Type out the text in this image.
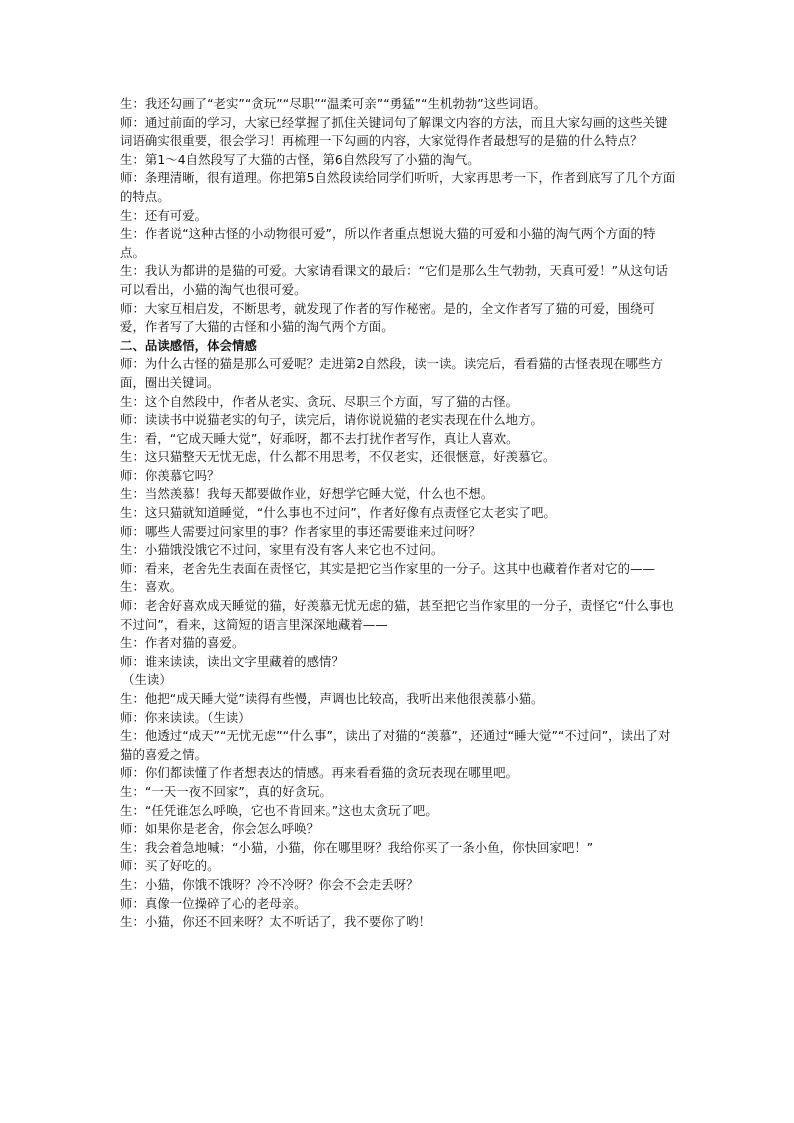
生：我还勾画了“老实”“贪玩”“尽职”“温柔可亲”“勇猛”“生机勃勃”这些词语。

师：通过前面的学习，大家已经掌握了抓住关键词句了解课文内容的方法，而且大家勾画的这些关键词语确实很重要，很会学习！再梳理一下勾画的内容，大家觉得作者最想写的是猫的什么特点？

生：第1～4自然段写了大猫的古怪，第6自然段写了小猫的淘气。

师：条理清晰，很有道理。你把第5自然段读给同学们听听，大家再思考一下，作者到底写了几个方面的特点。

生：还有可爱。

生：作者说“这种古怪的小动物很可爱”，所以作者重点想说大猫的可爱和小猫的淘气两个方面的特点。

生：我认为都讲的是猫的可爱。大家请看课文的最后：“它们是那么生气勃勃，天真可爱！”从这句话可以看出，小猫的淘气也很可爱。

师：大家互相启发，不断思考，就发现了作者的写作秘密。是的，全文作者写了猫的可爱，围绕可爱，作者写了大猫的古怪和小猫的淘气两个方面。

二、品读感悟，体会情感

师：为什么古怪的猫是那么可爱呢？走进第2自然段，读一读。读完后，看看猫的古怪表现在哪些方面，圈出关键词。

生：这个自然段中，作者从老实、贪玩、尽职三个方面，写了猫的古怪。

师：读读书中说猫老实的句子，读完后，请你说说猫的老实表现在什么地方。

生：看，“它成天睡大觉”，好乖呀，都不去打扰作者写作，真让人喜欢。

生：这只猫整天无忧无虑，什么都不用思考，不仅老实，还很惬意，好羡慕它。

师：你羡慕它吗？

生：当然羡慕！我每天都要做作业，好想学它睡大觉，什么也不想。

生：这只猫就知道睡觉，“什么事也不过问”，作者好像有点责怪它太老实了吧。

师：哪些人需要过问家里的事？作者家里的事还需要谁来过问呀？

生：小猫饿没饿它不过问，家里有没有客人来它也不过问。

师：看来，老舍先生表面在责怪它，其实是把它当作家里的一分子。这其中也藏着作者对它的——

生：喜欢。

师：老舍好喜欢成天睡觉的猫，好羡慕无忧无虑的猫，甚至把它当作家里的一分子，责怪它“什么事也不过问”，看来，这简短的语言里深深地藏着——

生：作者对猫的喜爱。

师：谁来读读，读出文字里藏着的感情？

（生读）

生：他把“成天睡大觉”读得有些慢，声调也比较高，我听出来他很羡慕小猫。

师：你来读读。（生读）

生：他透过“成天”“无忧无虑”“什么事”，读出了对猫的“羡慕”，还通过“睡大觉”“不过问”，读出了对猫的喜爱之情。

师：你们都读懂了作者想表达的情感。再来看看猫的贪玩表现在哪里吧。

生：“一天一夜不回家”，真的好贪玩。

生：“任凭谁怎么呼唤，它也不肯回来。”这也太贪玩了吧。

师：如果你是老舍，你会怎么呼唤？

生：我会着急地喊：“小猫，小猫，你在哪里呀？我给你买了一条小鱼，你快回家吧！”

师：买了好吃的。

生：小猫，你饿不饿呀？冷不冷呀？你会不会走丢呀？

师：真像一位操碎了心的老母亲。

生：小猫，你还不回来呀？太不听话了，我不要你了哟！
